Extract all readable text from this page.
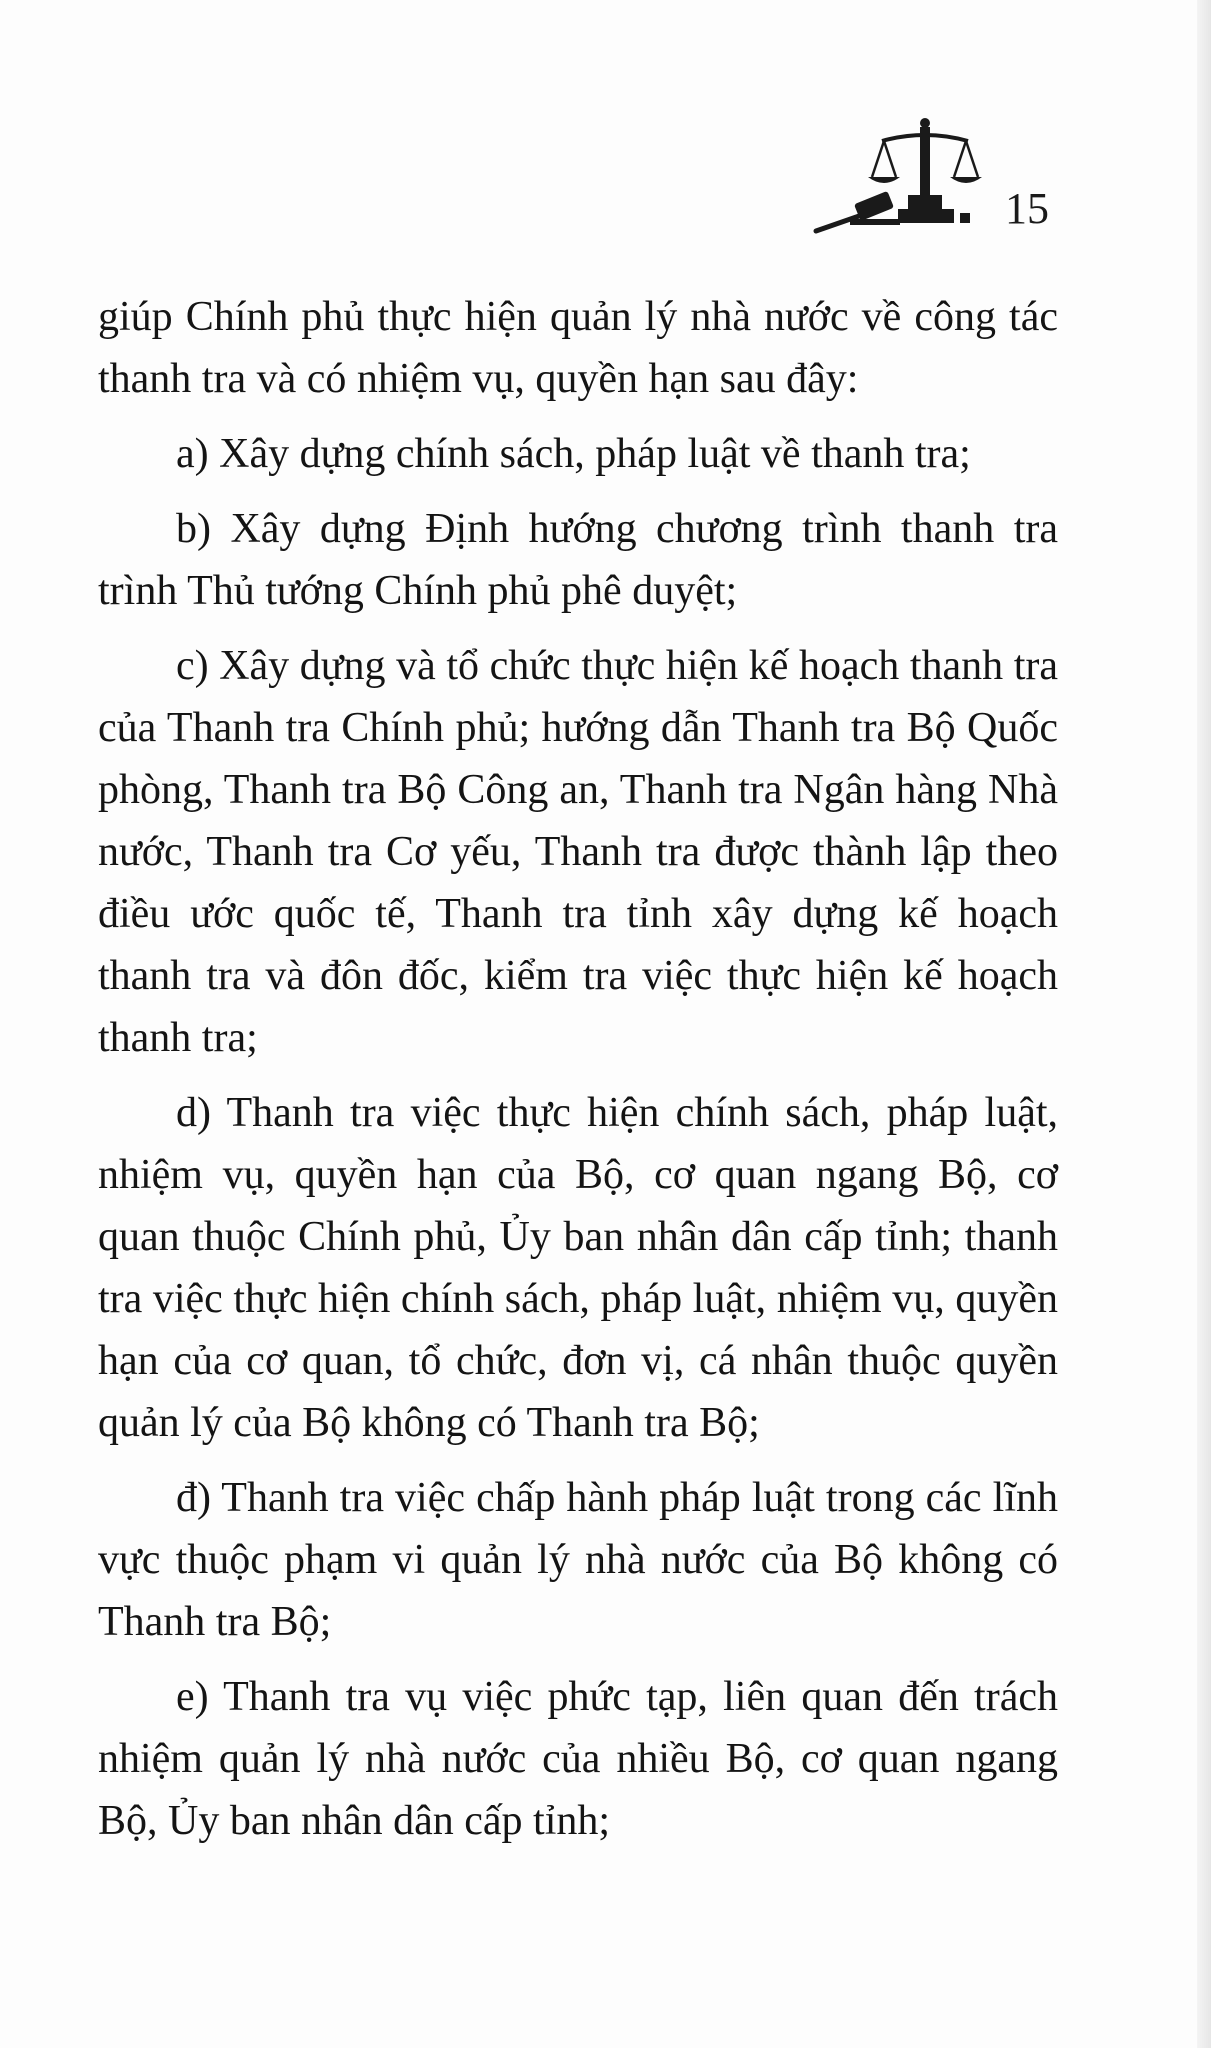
15

giúp Chính phủ thực hiện quản lý nhà nước về công tác thanh tra và có nhiệm vụ, quyền hạn sau đây:

a) Xây dựng chính sách, pháp luật về thanh tra;

b) Xây dựng Định hướng chương trình thanh tra trình Thủ tướng Chính phủ phê duyệt;

c) Xây dựng và tổ chức thực hiện kế hoạch thanh tra của Thanh tra Chính phủ; hướng dẫn Thanh tra Bộ Quốc phòng, Thanh tra Bộ Công an, Thanh tra Ngân hàng Nhà nước, Thanh tra Cơ yếu, Thanh tra được thành lập theo điều ước quốc tế, Thanh tra tỉnh xây dựng kế hoạch thanh tra và đôn đốc, kiểm tra việc thực hiện kế hoạch thanh tra;

d) Thanh tra việc thực hiện chính sách, pháp luật, nhiệm vụ, quyền hạn của Bộ, cơ quan ngang Bộ, cơ quan thuộc Chính phủ, Ủy ban nhân dân cấp tỉnh; thanh tra việc thực hiện chính sách, pháp luật, nhiệm vụ, quyền hạn của cơ quan, tổ chức, đơn vị, cá nhân thuộc quyền quản lý của Bộ không có Thanh tra Bộ;

đ) Thanh tra việc chấp hành pháp luật trong các lĩnh vực thuộc phạm vi quản lý nhà nước của Bộ không có Thanh tra Bộ;

e) Thanh tra vụ việc phức tạp, liên quan đến trách nhiệm quản lý nhà nước của nhiều Bộ, cơ quan ngang Bộ, Ủy ban nhân dân cấp tỉnh;
